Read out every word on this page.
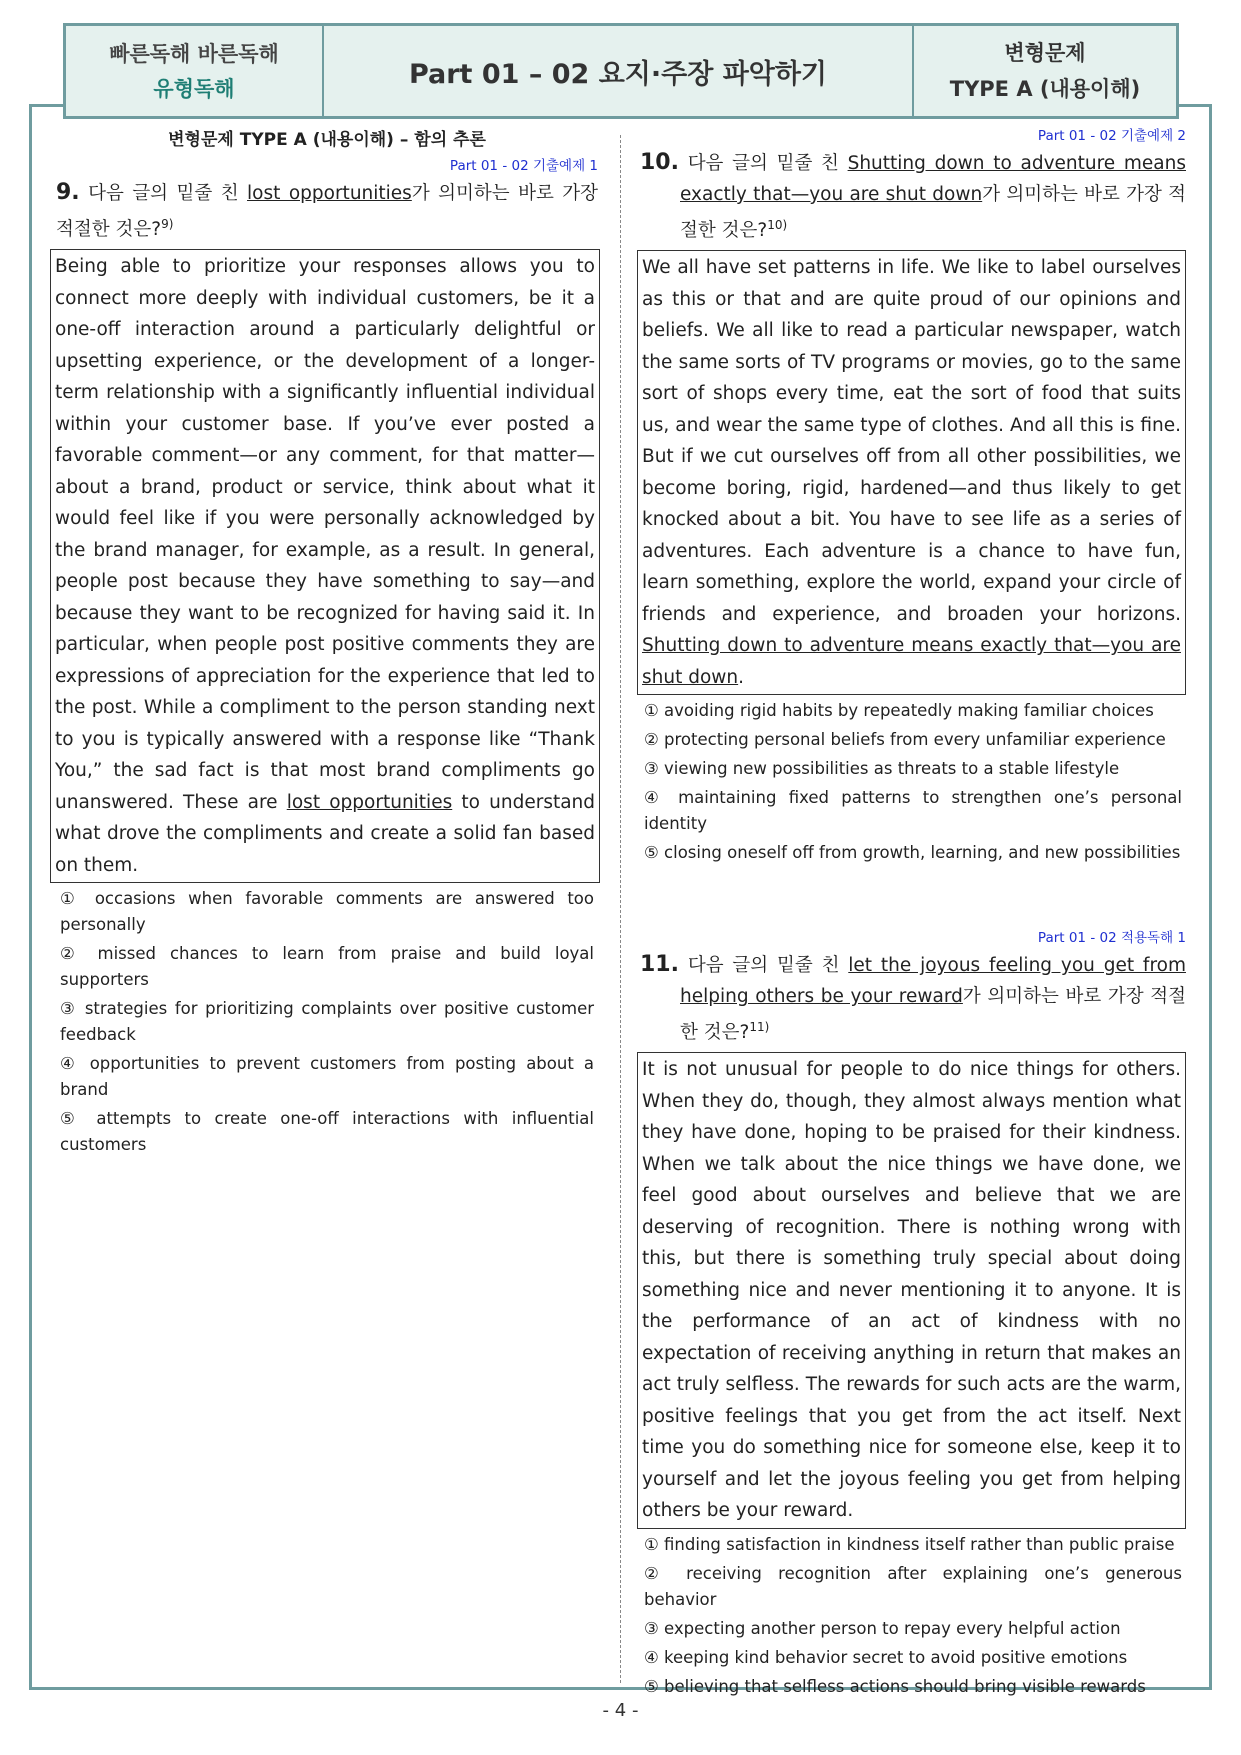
빠른독해 바른독해
유형독해	Part 01 – 02 요지·주장 파악하기
변형문제
TYPE A (내용이해)
변형문제 TYPE A (내용이해) – 함의 추론
Part 01 - 02 기출예제 1
9. 다음 글의 밑줄 친 lost opportunities가 의미하는 바로 가장 적절한 것은?$^{9)}$
Being able to prioritize your responses allows you to connect more deeply with individual customers, be it a one-off interaction around a particularly delightful or upsetting experience, or the development of a longer-term relationship with a significantly influential individual within your customer base. If you’ve ever posted a favorable comment—or any comment, for that matter—about a brand, product or service, think about what it would feel like if you were personally acknowledged by the brand manager, for example, as a result. In general, people post because they have something to say—and because they want to be recognized for having said it. In particular, when people post positive comments they are expressions of appreciation for the experience that led to the post. While a compliment to the person standing next to you is typically answered with a response like “Thank You,” the sad fact is that most brand compliments go unanswered. These are lost opportunities to understand what drove the compliments and create a solid fan based on them.
① occasions when favorable comments are answered too personally
② missed chances to learn from praise and build loyal supporters
③ strategies for prioritizing complaints over positive customer feedback
④ opportunities to prevent customers from posting about a brand
⑤ attempts to create one-off interactions with influential customers
Part 01 - 02 기출예제 2
10. 다음 글의 밑줄 친 Shutting down to adventure means exactly that—you are shut down가 의미하는 바로 가장 적절한 것은?$^{10)}$
We all have set patterns in life. We like to label ourselves as this or that and are quite proud of our opinions and beliefs. We all like to read a particular newspaper, watch the same sorts of TV programs or movies, go to the same sort of shops every time, eat the sort of food that suits us, and wear the same type of clothes. And all this is fine. But if we cut ourselves off from all other possibilities, we become boring, rigid, hardened—and thus likely to get knocked about a bit. You have to see life as a series of adventures. Each adventure is a chance to have fun, learn something, explore the world, expand your circle of friends and experience, and broaden your horizons. Shutting down to adventure means exactly that—you are shut down.
① avoiding rigid habits by repeatedly making familiar choices
② protecting personal beliefs from every unfamiliar experience
③ viewing new possibilities as threats to a stable lifestyle
④ maintaining fixed patterns to strengthen one’s personal identity
⑤ closing oneself off from growth, learning, and new possibilities
Part 01 - 02 적용독해 1
11. 다음 글의 밑줄 친 let the joyous feeling you get from helping others be your reward가 의미하는 바로 가장 적절한 것은?$^{11)}$
It is not unusual for people to do nice things for others. When they do, though, they almost always mention what they have done, hoping to be praised for their kindness. When we talk about the nice things we have done, we feel good about ourselves and believe that we are deserving of recognition. There is nothing wrong with this, but there is something truly special about doing something nice and never mentioning it to anyone. It is the performance of an act of kindness with no expectation of receiving anything in return that makes an act truly selfless. The rewards for such acts are the warm, positive feelings that you get from the act itself. Next time you do something nice for someone else, keep it to yourself and let the joyous feeling you get from helping others be your reward.
① finding satisfaction in kindness itself rather than public praise
② receiving recognition after explaining one’s generous behavior
③ expecting another person to repay every helpful action
④ keeping kind behavior secret to avoid positive emotions
⑤ believing that selfless actions should bring visible rewards
- 4 -
